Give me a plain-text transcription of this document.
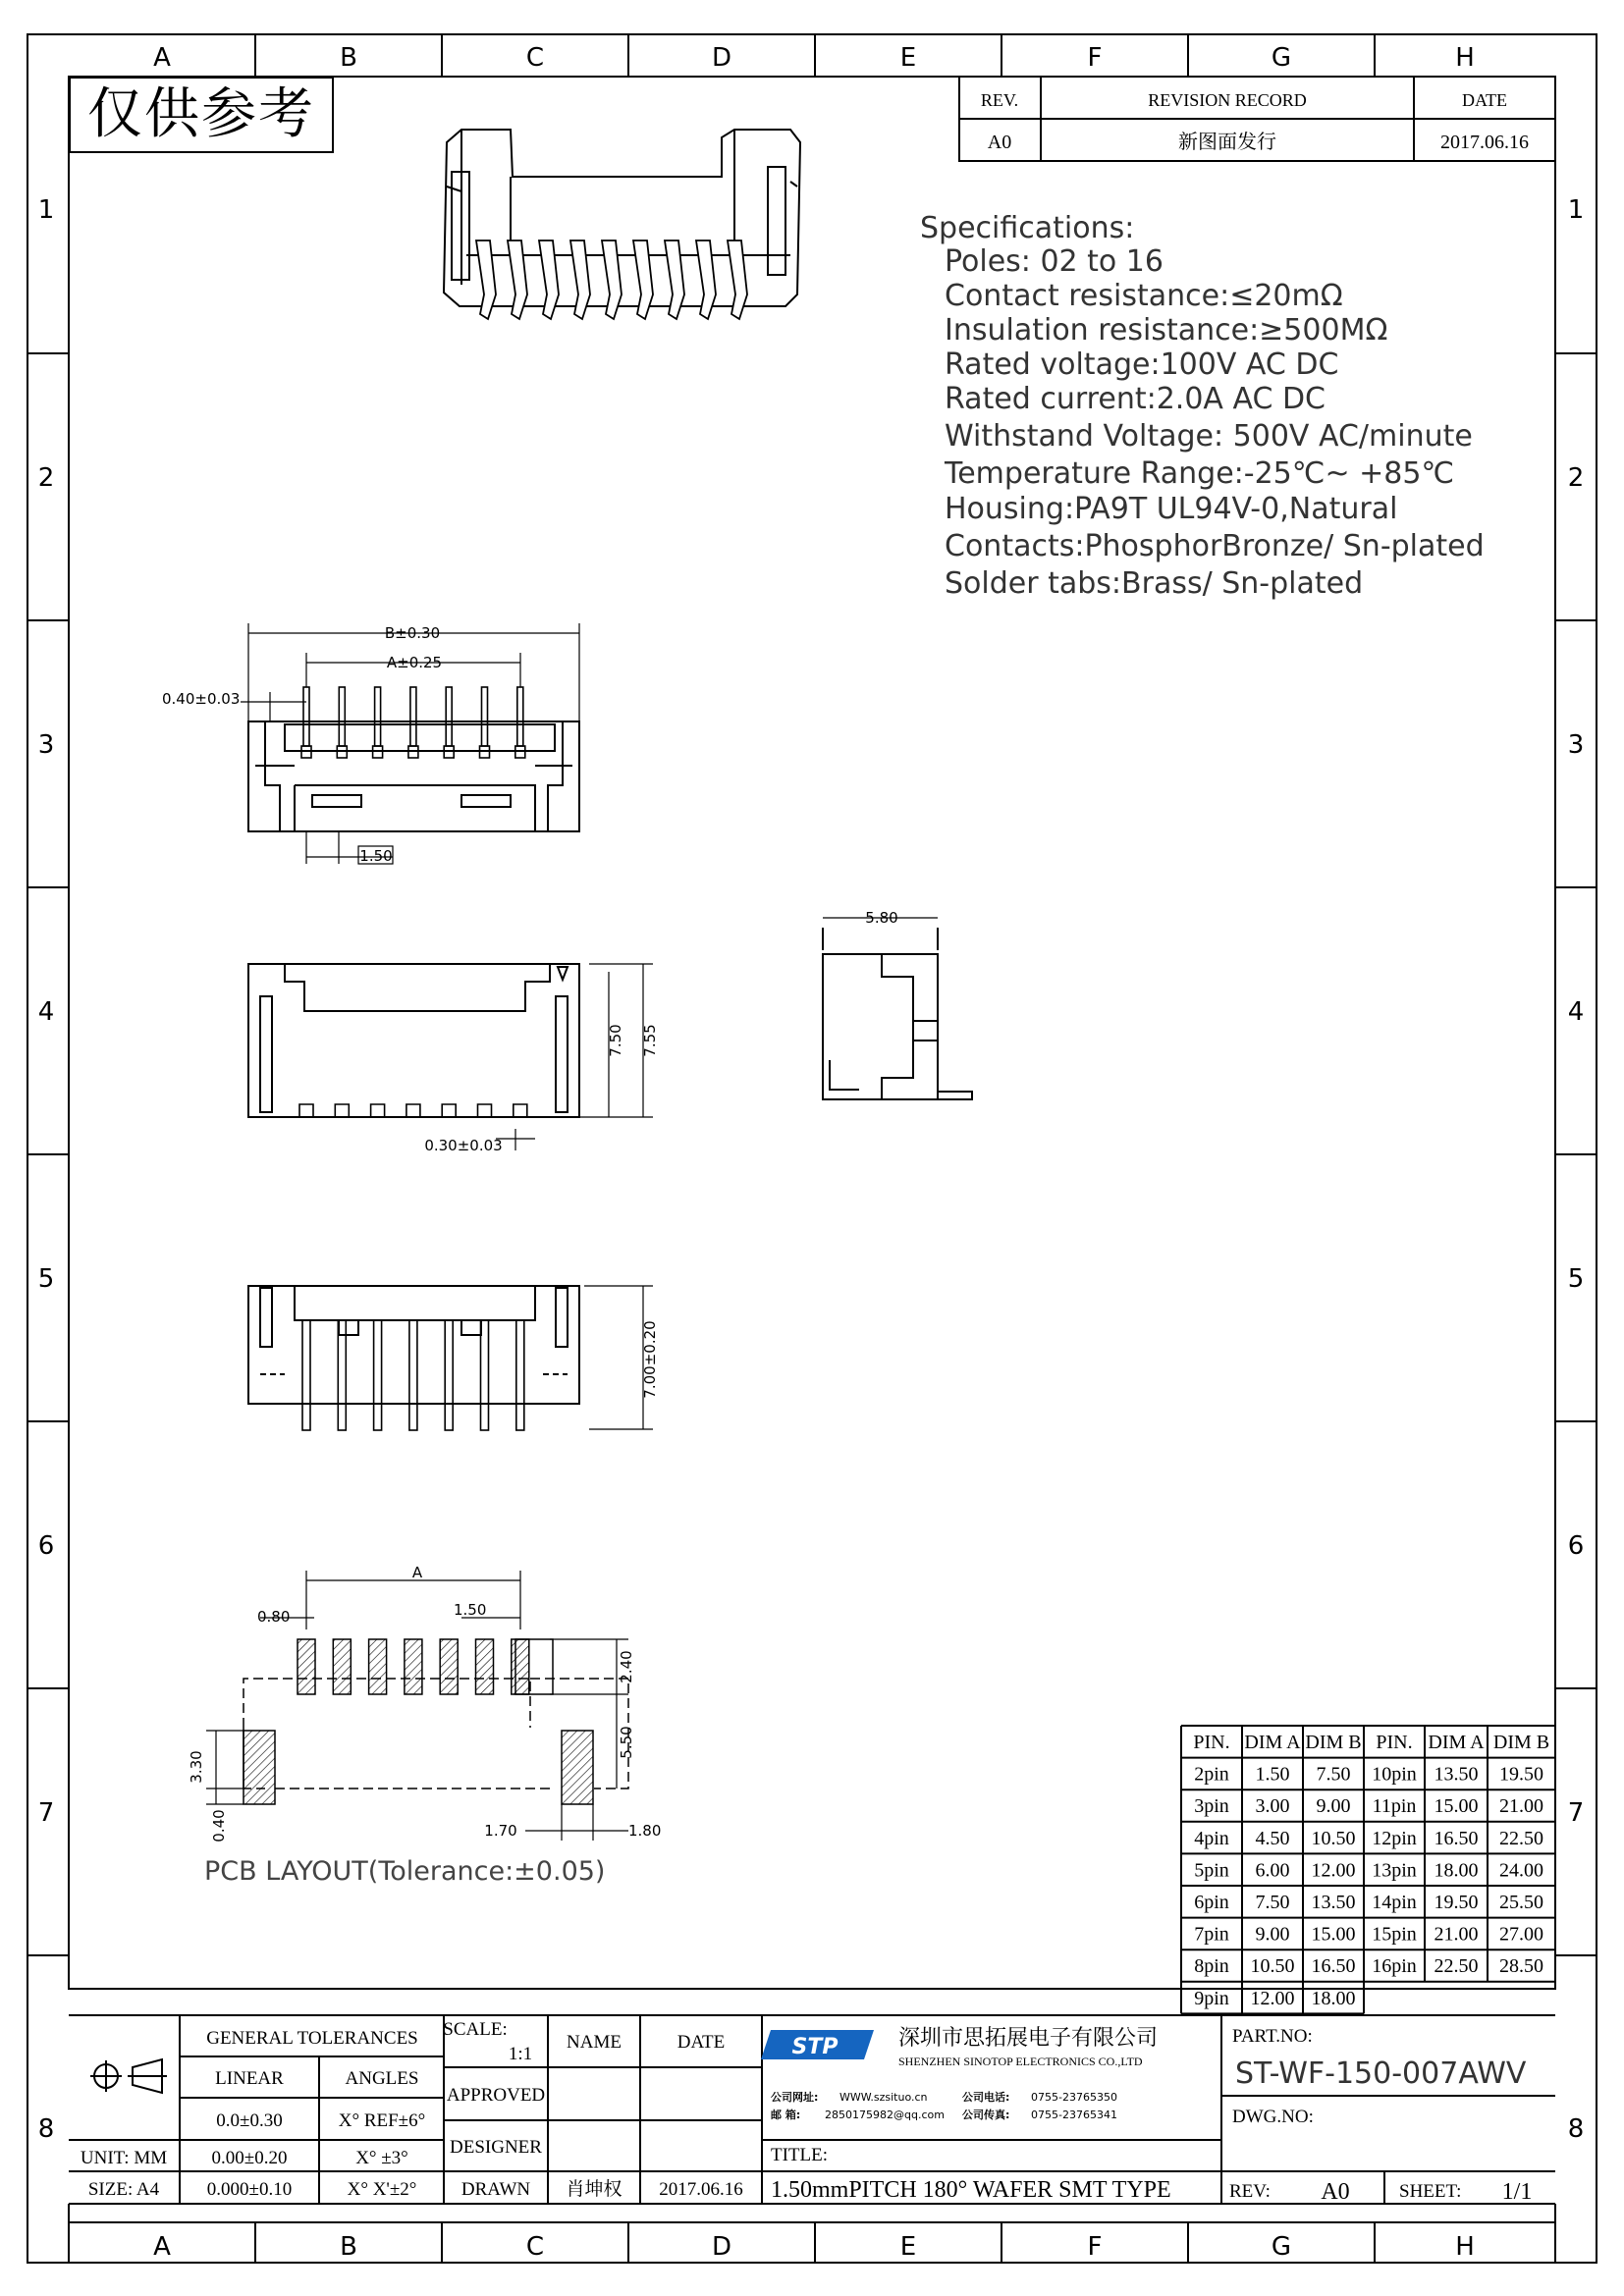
仅供参考
A
A
B
B
C
C
D
D
E
E
F
F
G
G
H
H
1	1
2	2
3	3
4	4
5	5
6	6
7	7
8	8
REV.	REVISION RECORD	DATE
A0	新图面发行	2017.06.16
Specifications:
Poles: 02 to 16
Contact resistance:≤20mΩ
Insulation resistance:≥500MΩ
Rated voltage:100V AC DC
Rated current:2.0A AC DC
Withstand Voltage: 500V AC/minute
Temperature Range:-25℃~ +85℃
Housing:PA9T UL94V-0,Natural
Contacts:PhosphorBronze/ Sn-plated
Solder tabs:Brass/ Sn-plated
B±0.30
A±0.25
0.40±0.03
1.50
7.50 7.55
0.30±0.03
5.80
7.00±0.20
A
0.80	1.50
2.40
5.50
3.30
0.40	1.70	1.80
PCB LAYOUT(Tolerance:±0.05)
PIN. DIM A DIM B PIN. DIM A DIM B
2pin 1.50 7.50 10pin 13.50 19.50
3pin 3.00 9.00 11pin 15.00 21.00
4pin 4.50 10.50 12pin 16.50 22.50
5pin 6.00 12.00 13pin 18.00 24.00
6pin 7.50 13.50 14pin 19.50 25.50
7pin 9.00 15.00 15pin 21.00 27.00
8pin 10.50 16.50 16pin 22.50 28.50
9pin 12.00 18.00
GENERAL TOLERANCES
LINEAR	ANGLES
0.0±0.30	X° REF±6°
UNIT: MM 0.00±0.20	X° ±3°
SIZE: A4	0.000±0.10	X° X'±2°
SCALE:
1:1
NAME	DATE
APPROVED
DESIGNER
DRAWN 肖坤权 2017.06.16
STP	深圳市思拓展电子有限公司
SHENZHEN SINOTOP ELECTRONICS CO.,LTD
公司网址: WWW.szsituo.cn	公司电话: 0755-23765350
邮 箱: 2850175982@qq.com 公司传真: 0755-23765341
TITLE:
1.50mmPITCH 180° WAFER SMT TYPE
PART.NO:
ST-WF-150-007AWV
DWG.NO:
REV: A0	SHEET: 1/1
